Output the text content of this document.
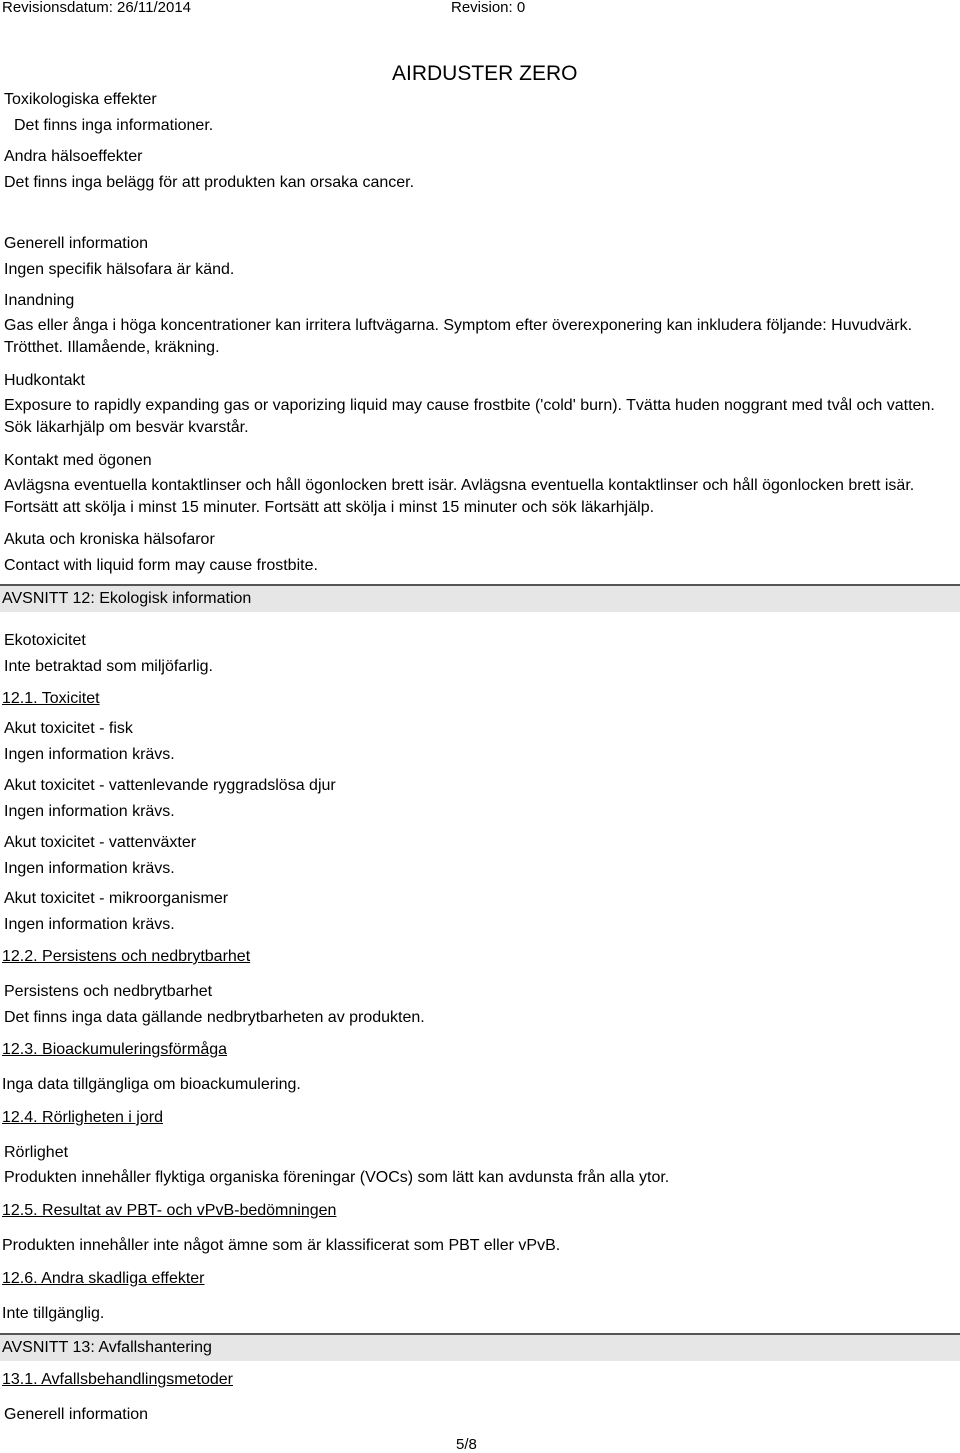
Revisionsdatum: 26/11/2014	Revision: 0
AIRDUSTER ZERO
Toxikologiska effekter
Det finns inga informationer.
Andra hälsoeffekter
Det finns inga belägg för att produkten kan orsaka cancer.
Generell information
Ingen specifik hälsofara är känd.
Inandning
Gas eller ånga i höga koncentrationer kan irritera luftvägarna. Symptom efter överexponering kan inkludera följande: Huvudvärk. Trötthet. Illamående, kräkning.
Hudkontakt
Exposure to rapidly expanding gas or vaporizing liquid may cause frostbite ('cold' burn). Tvätta huden noggrant med tvål och vatten. Sök läkarhjälp om besvär kvarstår.
Kontakt med ögonen
Avlägsna eventuella kontaktlinser och håll ögonlocken brett isär. Avlägsna eventuella kontaktlinser och håll ögonlocken brett isär. Fortsätt att skölja i minst 15 minuter. Fortsätt att skölja i minst 15 minuter och sök läkarhjälp.
Akuta och kroniska hälsofaror
Contact with liquid form may cause frostbite.
AVSNITT 12: Ekologisk information
Ekotoxicitet
Inte betraktad som miljöfarlig.
12.1. Toxicitet
Akut toxicitet - fisk
Ingen information krävs.
Akut toxicitet - vattenlevande ryggradslösa djur
Ingen information krävs.
Akut toxicitet - vattenväxter
Ingen information krävs.
Akut toxicitet - mikroorganismer
Ingen information krävs.
12.2. Persistens och nedbrytbarhet
Persistens och nedbrytbarhet
Det finns inga data gällande nedbrytbarheten av produkten.
12.3. Bioackumuleringsförmåga
Inga data tillgängliga om bioackumulering.
12.4. Rörligheten i jord
Rörlighet
Produkten innehåller flyktiga organiska föreningar (VOCs) som lätt kan avdunsta från alla ytor.
12.5. Resultat av PBT- och vPvB-bedömningen
Produkten innehåller inte något ämne som är klassificerat som PBT eller vPvB.
12.6. Andra skadliga effekter
Inte tillgänglig.
AVSNITT 13: Avfallshantering
13.1. Avfallsbehandlingsmetoder
Generell information
5/8
